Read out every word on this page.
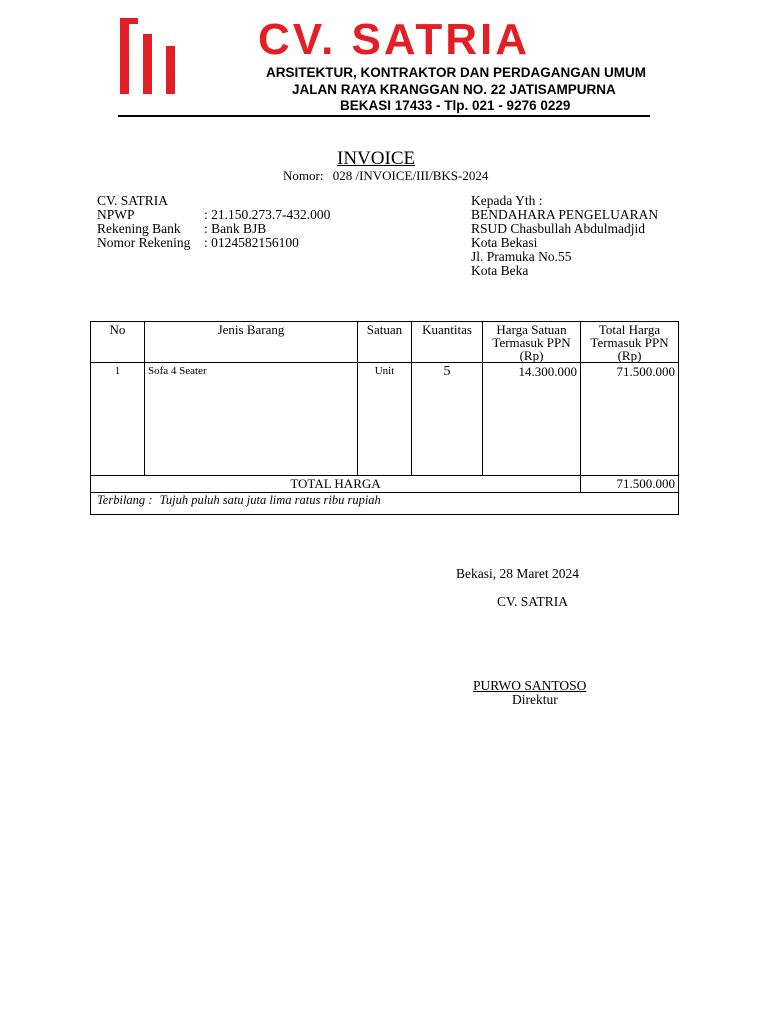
CV. SATRIA
ARSITEKTUR, KONTRAKTOR DAN PERDAGANGAN UMUM
JALAN RAYA KRANGGAN NO. 22 JATISAMPURNA
BEKASI 17433 - Tlp. 021 - 9276 0229
INVOICE
Nomor: 028 /INVOICE/III/BKS-2024
CV. SATRIA
NPWP	: 21.150.273.7-432.000
Rekening Bank : Bank BJB
Nomor Rekening : 0124582156100
Kepada Yth :
BENDAHARA PENGELUARAN
RSUD Chasbullah Abdulmadjid
Kota Bekasi
Jl. Pramuka No.55
Kota Beka
No	Jenis Barang	Satuan	Kuantitas	Harga Satuan Termasuk PPN (Rp)	Total Harga Termasuk PPN (Rp)
1	Sofa 4 Seater	Unit	5	14.300.000	71.500.000
TOTAL HARGA					71.500.000
Terbilang : Tujuh puluh satu juta lima ratus ribu rupiah					
Bekasi, 28 Maret 2024
CV. SATRIA
PURWO SANTOSO
Direktur
